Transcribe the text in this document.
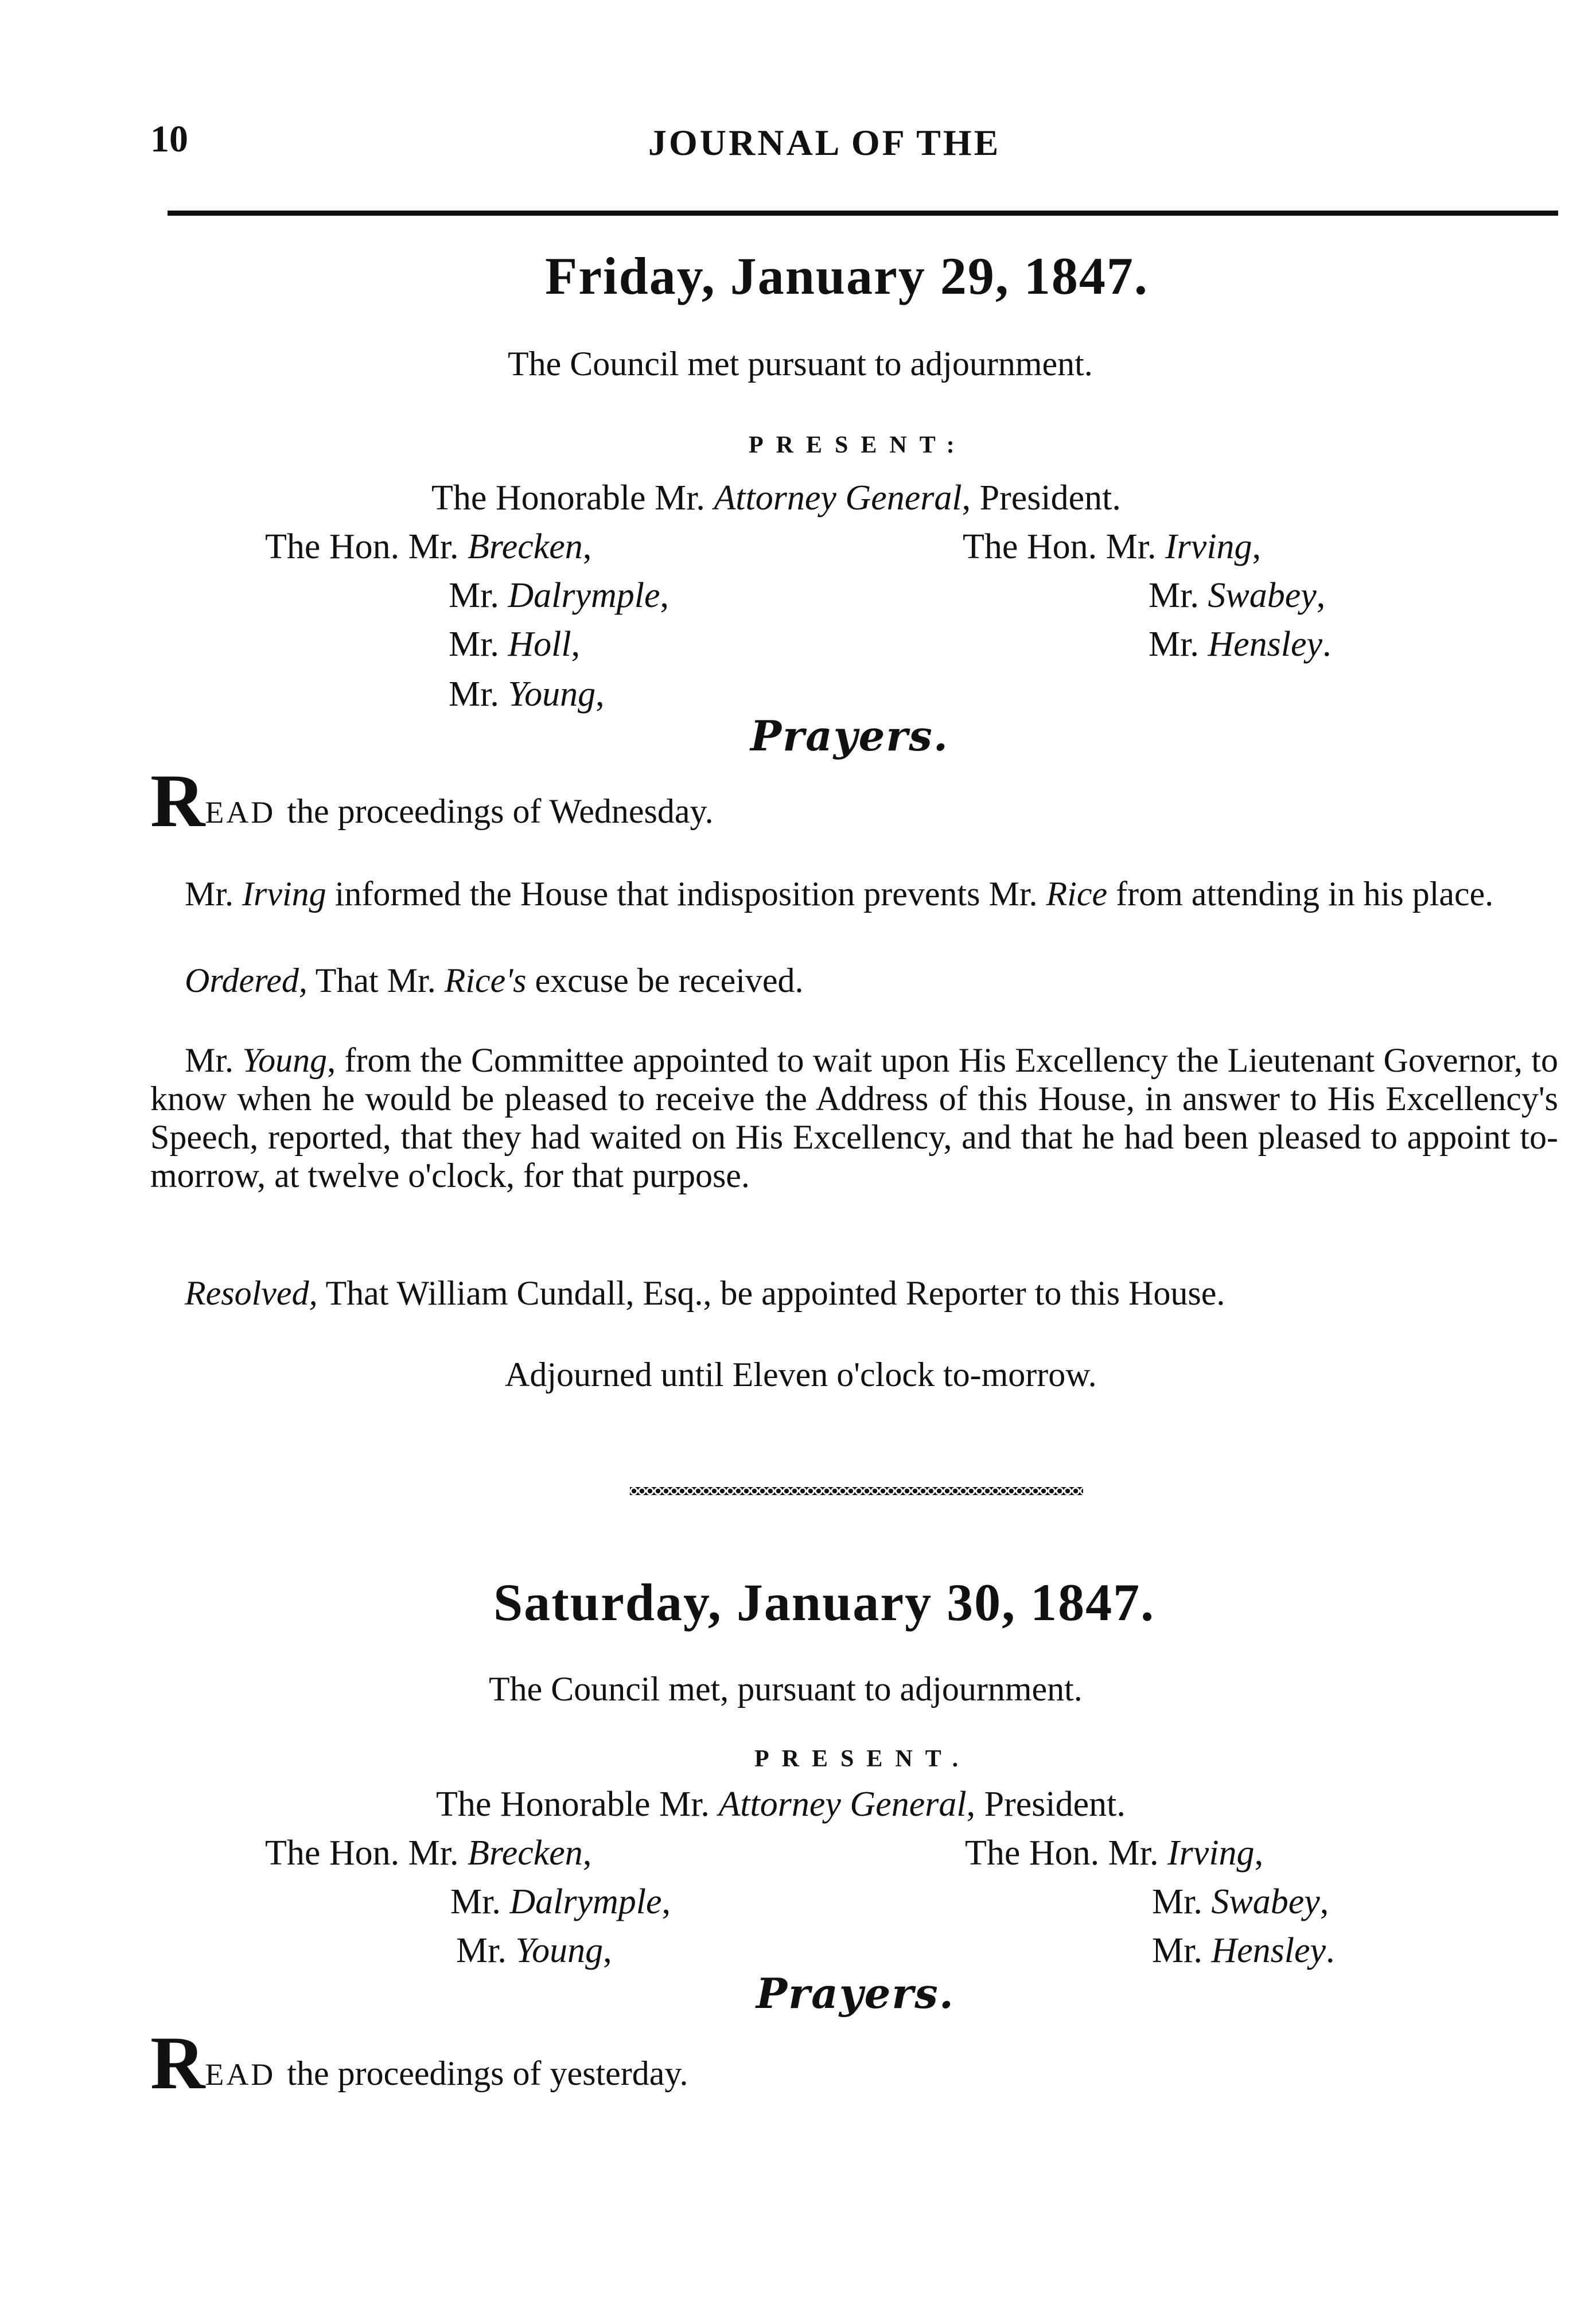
10	JOURNAL OF THE
Friday, January 29, 1847.
The Council met pursuant to adjournment.
PRESENT:
The Honorable Mr. Attorney General, President.
The Hon. Mr. Brecken,
Mr. Dalrymple,
Mr. Holl,
Mr. Young,
The Hon. Mr. Irving,
Mr. Swabey,
Mr. Hensley.
Prayers.
READ the proceedings of Wednesday.
Mr. Irving informed the House that indisposition prevents Mr. Rice from attending in his place.
Ordered, That Mr. Rice's excuse be received.
Mr. Young, from the Committee appointed to wait upon His Excellency the Lieutenant Governor, to know when he would be pleased to receive the Address of this House, in answer to His Excellency's Speech, reported, that they had waited on His Excellency, and that he had been pleased to appoint to-morrow, at twelve o'clock, for that purpose.
Resolved, That William Cundall, Esq., be appointed Reporter to this House.
Adjourned until Eleven o'clock to-morrow.
Saturday, January 30, 1847.
The Council met, pursuant to adjournment.
PRESENT.
The Honorable Mr. Attorney General, President.
The Hon. Mr. Brecken,
Mr. Dalrymple,
Mr. Young,
The Hon. Mr. Irving,
Mr. Swabey,
Mr. Hensley.
Prayers.
READ the proceedings of yesterday.
